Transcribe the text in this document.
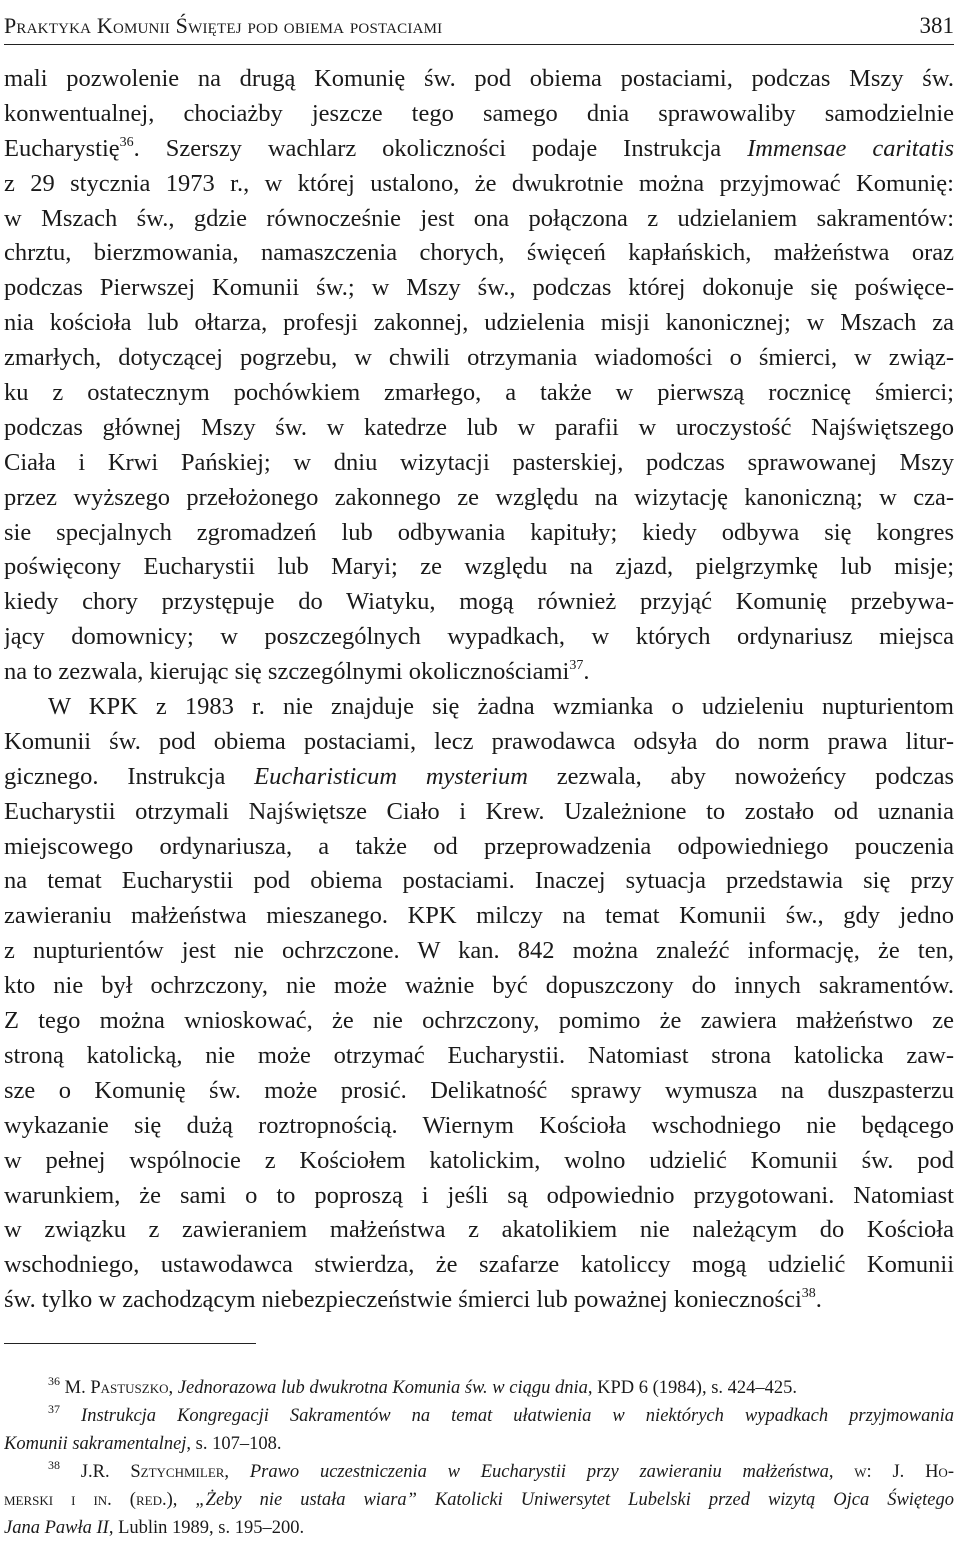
Praktyka Komunii Świętej pod obiema postaciami	381
mali pozwolenie na drugą Komunię św. pod obiema postaciami, podczas Mszy św.
konwentualnej, chociażby jeszcze tego samego dnia sprawowaliby samodzielnie
Eucharystię$^{36}$. Szerszy wachlarz okoliczności podaje Instrukcja Immensae caritatis
z 29 stycznia 1973 r., w której ustalono, że dwukrotnie można przyjmować Komunię:
w Mszach św., gdzie równocześnie jest ona połączona z udzielaniem sakramentów:
chrztu, bierzmowania, namaszczenia chorych, święceń kapłańskich, małżeństwa oraz
podczas Pierwszej Komunii św.; w Mszy św., podczas której dokonuje się poświęce-
nia kościoła lub ołtarza, profesji zakonnej, udzielenia misji kanonicznej; w Mszach za
zmarłych, dotyczącej pogrzebu, w chwili otrzymania wiadomości o śmierci, w związ-
ku z ostatecznym pochówkiem zmarłego, a także w pierwszą rocznicę śmierci;
podczas głównej Mszy św. w katedrze lub w parafii w uroczystość Najświętszego
Ciała i Krwi Pańskiej; w dniu wizytacji pasterskiej, podczas sprawowanej Mszy
przez wyższego przełożonego zakonnego ze względu na wizytację kanoniczną; w cza-
sie specjalnych zgromadzeń lub odbywania kapituły; kiedy odbywa się kongres
poświęcony Eucharystii lub Maryi; ze względu na zjazd, pielgrzymkę lub misje;
kiedy chory przystępuje do Wiatyku, mogą również przyjąć Komunię przebywa-
jący domownicy; w poszczególnych wypadkach, w których ordynariusz miejsca
na to zezwala, kierując się szczególnymi okolicznościami$^{37}$.
W KPK z 1983 r. nie znajduje się żadna wzmianka o udzieleniu nupturientom
Komunii św. pod obiema postaciami, lecz prawodawca odsyła do norm prawa litur-
gicznego. Instrukcja Eucharisticum mysterium zezwala, aby nowożeńcy podczas
Eucharystii otrzymali Najświętsze Ciało i Krew. Uzależnione to zostało od uznania
miejscowego ordynariusza, a także od przeprowadzenia odpowiedniego pouczenia
na temat Eucharystii pod obiema postaciami. Inaczej sytuacja przedstawia się przy
zawieraniu małżeństwa mieszanego. KPK milczy na temat Komunii św., gdy jedno
z nupturientów jest nie ochrzczone. W kan. 842 można znaleźć informację, że ten,
kto nie był ochrzczony, nie może ważnie być dopuszczony do innych sakramentów.
Z tego można wnioskować, że nie ochrzczony, pomimo że zawiera małżeństwo ze
stroną katolicką, nie może otrzymać Eucharystii. Natomiast strona katolicka zaw-
sze o Komunię św. może prosić. Delikatność sprawy wymusza na duszpasterzu
wykazanie się dużą roztropnością. Wiernym Kościoła wschodniego nie będącego
w pełnej wspólnocie z Kościołem katolickim, wolno udzielić Komunii św. pod
warunkiem, że sami o to poproszą i jeśli są odpowiednio przygotowani. Natomiast
w związku z zawieraniem małżeństwa z akatolikiem nie należącym do Kościoła
wschodniego, ustawodawca stwierdza, że szafarze katoliccy mogą udzielić Komunii
św. tylko w zachodzącym niebezpieczeństwie śmierci lub poważnej konieczności$^{38}$.
$^{36}$ M. Pastuszko, Jednorazowa lub dwukrotna Komunia św. w ciągu dnia, KPD 6 (1984), s. 424–425.
$^{37}$ Instrukcja Kongregacji Sakramentów na temat ułatwienia w niektórych wypadkach przyjmowania
Komunii sakramentalnej, s. 107–108.
$^{38}$ J.R. Sztychmiler, Prawo uczestniczenia w Eucharystii przy zawieraniu małżeństwa, w: J. Ho-
merski i in. (red.), „Żeby nie ustała wiara” Katolicki Uniwersytet Lubelski przed wizytą Ojca Świętego
Jana Pawła II, Lublin 1989, s. 195–200.
